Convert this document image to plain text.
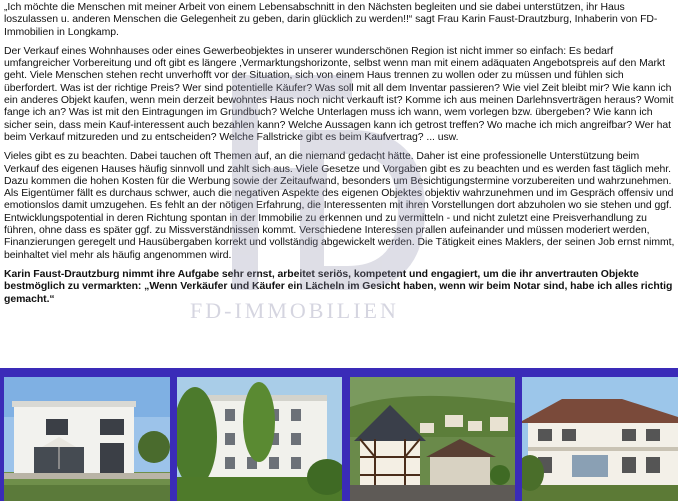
„Ich möchte die Menschen mit meiner Arbeit von einem Lebensabschnitt in den Nächsten begleiten und sie dabei unterstützen, ihr Haus loszulassen u. anderen Menschen die Gelegenheit zu geben, darin glücklich zu werden!!“ sagt Frau Karin Faust-Drautzburg, Inhaberin von FD-Immobilien in Longkamp.

Der Verkauf eines Wohnhauses oder eines Gewerbeobjektes in unserer wunderschönen Region ist nicht immer so einfach: Es bedarf umfangreicher Vorbereitung und oft gibt es längere ‚Vermarktungshorizonte, selbst wenn man mit einem adäquaten Angebotspreis auf den Markt geht. Viele Menschen stehen recht unverhofft vor der Situation, sich von einem Haus trennen zu wollen oder zu müssen und fühlen sich überfordert. Was ist der richtige Preis? Wer sind potentielle Käufer? Was soll mit all dem Inventar passieren? Wie viel Zeit bleibt mir? Wie kann ich ein anderes Objekt kaufen, wenn mein derzeit bewohntes Haus noch nicht verkauft ist? Komme ich aus meinen Darlehnsverträgen heraus? Womit fange ich an? Was ist mit den Eintragungen im Grundbuch? Welche Unterlagen muss ich wann, wem vorlegen bzw. übergeben? Wie kann ich sicher sein, dass mein Kauf-interessent auch bezahlen kann? Welche Aussagen kann ich getrost treffen? Wo mache ich mich angreifbar? Wer hat beim Verkauf mitzureden und zu entscheiden? Welche Fallstricke gibt es beim Kaufvertrag? ... usw.

Vieles gibt es zu beachten. Dabei tauchen oft Themen auf, an die niemand gedacht hätte. Daher ist eine professionelle Unterstützung beim Verkauf des eigenen Hauses häufig sinnvoll und zahlt sich aus. Viele Gesetze und Vorgaben gibt es zu beachten und es werden fast täglich mehr. Dazu kommen die hohen Kosten für die Werbung sowie der Zeitaufwand, besonders um Besichtigungstermine vorzubereiten und wahrzunehmen. Als Eigentümer fällt es durchaus schwer, auch die negativen Aspekte des eigenen Objektes objektiv wahrzunehmen und im Gespräch offensiv und emotionslos damit umzugehen. Es fehlt an der nötigen Erfahrung, die Interessenten mit ihren Vorstellungen dort abzuholen wo sie stehen und ggf. Entwicklungspotential in deren Richtung spontan in der Immobilie zu erkennen und zu vermitteln - und nicht zuletzt eine Preisverhandlung zu führen, ohne dass es später ggf. zu Missverständnissen kommt. Verschiedene Interessen prallen aufeinander und müssen moderiert werden, Finanzierungen geregelt und Hausübergaben korrekt und vollständig abgewickelt werden. Die Tätigkeit eines Maklers, der seinen Job ernst nimmt, beinhaltet viel mehr als häufig angenommen wird.

Karin Faust-Drautzburg nimmt ihre Aufgabe sehr ernst, arbeitet seriös, kompetent und engagiert, um die ihr anvertrauten Objekte bestmöglich zu vermarkten: „Wenn Verkäufer und Käufer ein Lächeln im Gesicht haben, wenn wir beim Notar sind, habe ich alles richtig gemacht.“	FD-IMMOBILIEN
